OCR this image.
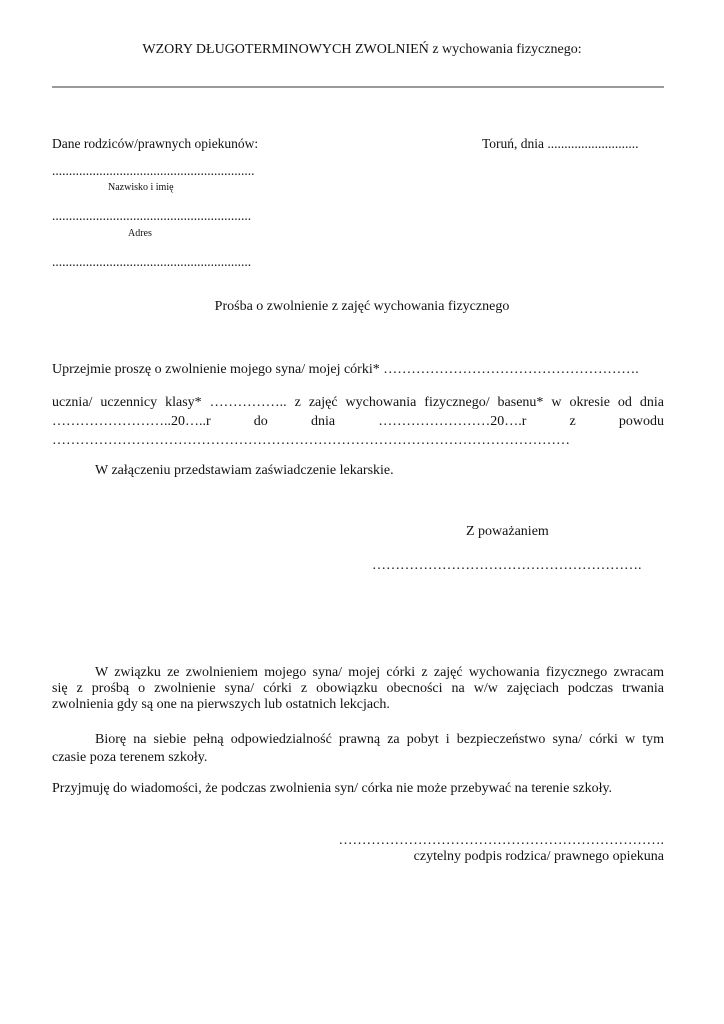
WZORY DŁUGOTERMINOWYCH ZWOLNIEŃ z wychowania fizycznego:
Dane rodziców/prawnych opiekunów:	Toruń, dnia ...........................
............................................................
Nazwisko i imię
...........................................................
Adres
...........................................................
Prośba o zwolnienie z zajęć wychowania fizycznego
Uprzejmie proszę o zwolnienie mojego syna/ mojej córki* ……………………………………………….
ucznia/ uczennicy klasy* …………….. z zajęć wychowania fizycznego/ basenu* w okresie od dnia
……………………..20…..r do dnia ……………………20….r z powodu
…………………………………………………………………………………………………
W załączeniu przedstawiam zaświadczenie lekarskie.
Z poważaniem
………………………………………………….
W związku ze zwolnieniem mojego syna/ mojej córki z zajęć wychowania fizycznego zwracam
się z prośbą o zwolnienie syna/ córki z obowiązku obecności na w/w zajęciach podczas trwania
zwolnienia gdy są one na pierwszych lub ostatnich lekcjach.
Biorę na siebie pełną odpowiedzialność prawną za pobyt i bezpieczeństwo syna/ córki w tym
czasie poza terenem szkoły.
Przyjmuję do wiadomości, że podczas zwolnienia syn/ córka nie może przebywać na terenie szkoły.
…………………………………………………………….
czytelny podpis rodzica/ prawnego opiekuna
